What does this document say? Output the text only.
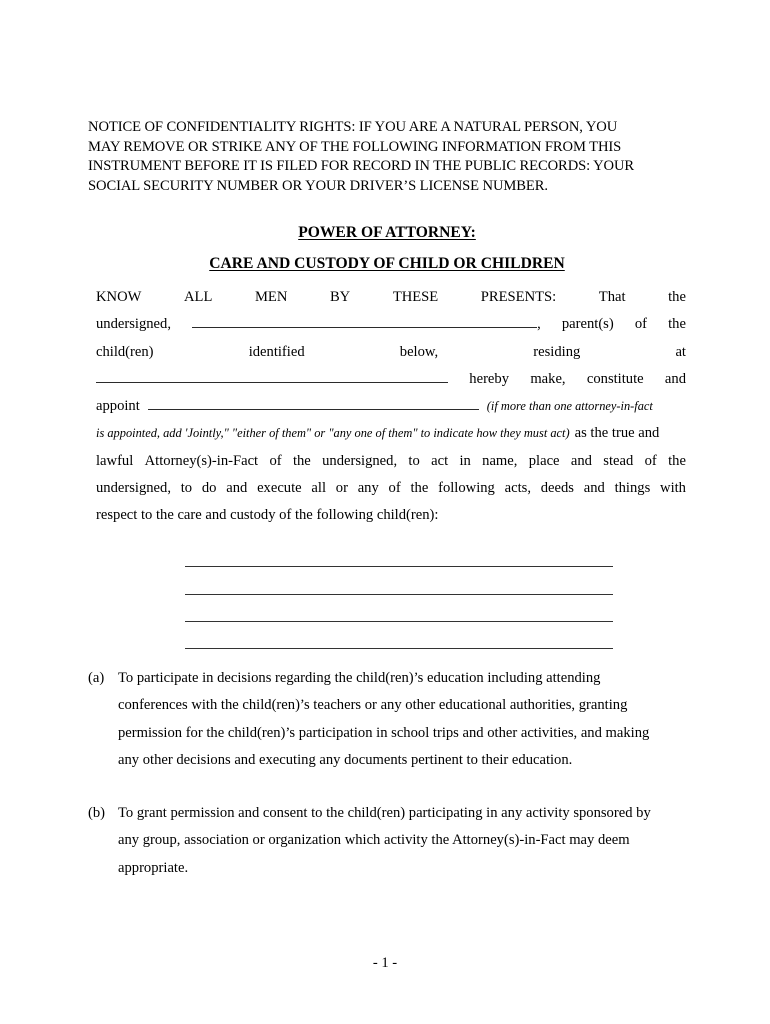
NOTICE OF CONFIDENTIALITY RIGHTS: IF YOU ARE A NATURAL PERSON, YOU
MAY REMOVE OR STRIKE ANY OF THE FOLLOWING INFORMATION FROM THIS
INSTRUMENT BEFORE IT IS FILED FOR RECORD IN THE PUBLIC RECORDS: YOUR
SOCIAL SECURITY NUMBER OR YOUR DRIVER’S LICENSE NUMBER.
POWER OF ATTORNEY:
CARE AND CUSTODY OF CHILD OR CHILDREN
KNOW	ALL	MEN	BY	THESE	PRESENTS:	That	the
undersigned,	, parent(s) of the
child(ren)	identified	below,	residing	at
hereby make, constitute and
appoint	(if more than one attorney-in-fact
is appointed, add 'Jointly," "either of them" or "any one of them" to indicate how they must act) as the true and
lawful Attorney(s)-in-Fact of the undersigned, to act in name, place and stead of the
undersigned, to do and execute all or any of the following acts, deeds and things with
respect to the care and custody of the following child(ren):
(a) To participate in decisions regarding the child(ren)’s education including attending

conferences with the child(ren)’s teachers or any other educational authorities, granting

permission for the child(ren)’s participation in school trips and other activities, and making

any other decisions and executing any documents pertinent to their education.

(b) To grant permission and consent to the child(ren) participating in any activity sponsored by

any group, association or organization which activity the Attorney(s)-in-Fact may deem

appropriate.

- 1 -
